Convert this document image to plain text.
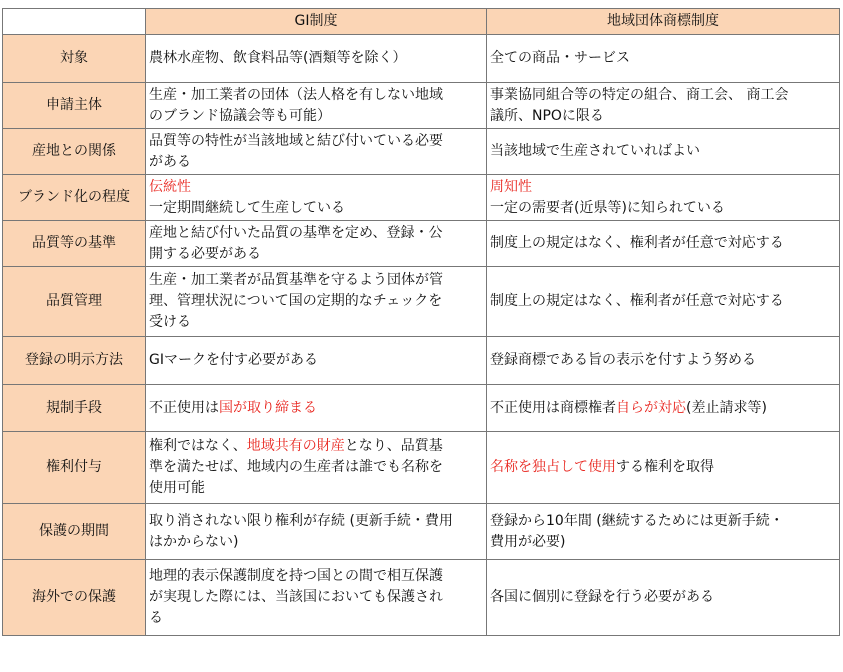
	GI制度	地域団体商標制度
対象	農林水産物、飲食料品等(酒類等を除く）	全ての商品・サービス

申請主体	生産・加工業者の団体（法人格を有しない地域
のブランド協議会等も可能）	事業協同組合等の特定の組合、商工会、 商工会
議所、NPOに限る

産地との関係	品質等の特性が当該地域と結び付いている必要
がある	当該地域で生産されていればよい

ブランド化の程度	伝統性
一定期間継続して生産している	周知性
一定の需要者(近県等)に知られている

品質等の基準	産地と結び付いた品質の基準を定め、登録・公
開する必要がある	制度上の規定はなく、権利者が任意で対応する

品質管理	生産・加工業者が品質基準を守るよう団体が管
理、管理状況について国の定期的なチェックを
受ける	制度上の規定はなく、権利者が任意で対応する

登録の明示方法	GIマークを付す必要がある	登録商標である旨の表示を付すよう努める

規制手段	不正使用は国が取り締まる	不正使用は商標権者自らが対応(差止請求等)
権利付与	権利ではなく、地域共有の財産となり、品質基
準を満たせば、地域内の生産者は誰でも名称を
使用可能	名称を独占して使用する権利を取得
保護の期間	取り消されない限り権利が存続 (更新手続・費用
はかからない)	登録から10年間 (継続するためには更新手続・
費用が必要)

海外での保護	地理的表示保護制度を持つ国との間で相互保護
が実現した際には、当該国においても保護され
る	各国に個別に登録を行う必要がある
